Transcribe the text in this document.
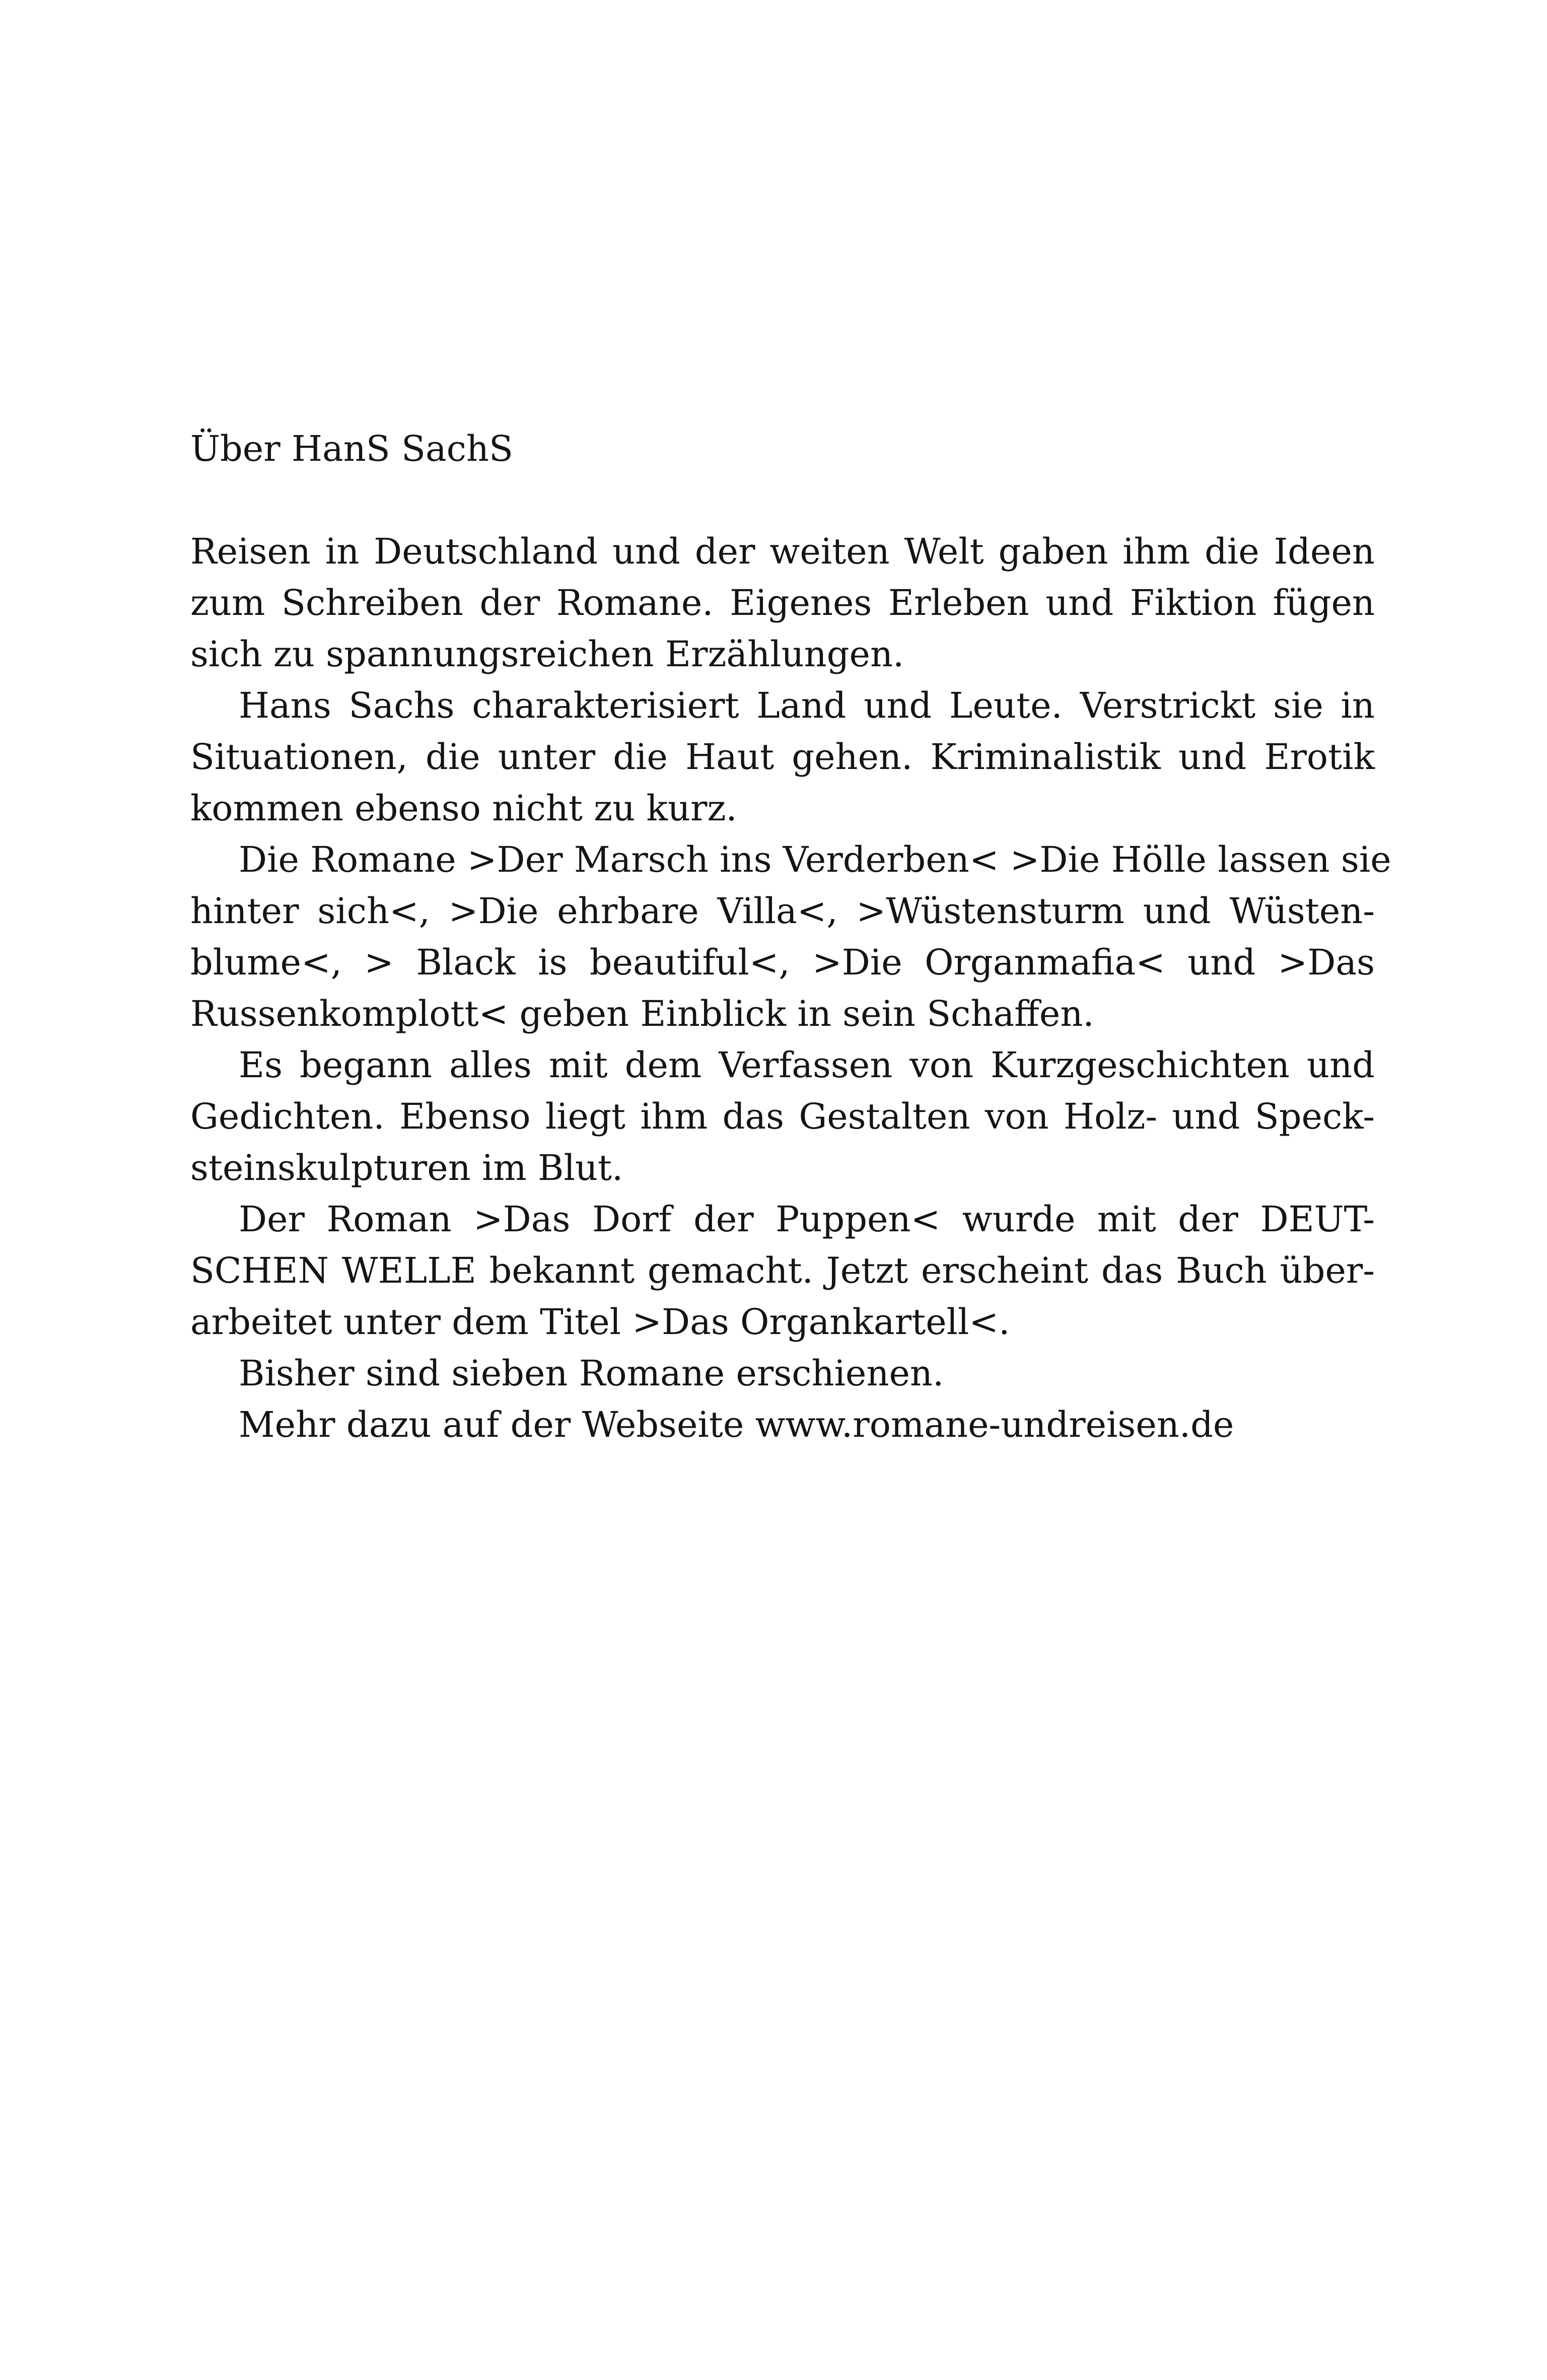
Über HanS SachS

Reisen in Deutschland und der weiten Welt gaben ihm die Ideen
zum Schreiben der Romane. Eigenes Erleben und Fiktion fügen
sich zu spannungsreichen Erzählungen.

Hans Sachs charakterisiert Land und Leute. Verstrickt sie in
Situationen, die unter die Haut gehen. Kriminalistik und Erotik
kommen ebenso nicht zu kurz.

Die Romane >Der Marsch ins Verderben< >Die Hölle lassen sie
hinter sich<, >Die ehrbare Villa<, >Wüstensturm und Wüsten-
blume<, > Black is beautiful<, >Die Organmafia< und >Das
Russenkomplott< geben Einblick in sein Schaffen.

Es begann alles mit dem Verfassen von Kurzgeschichten und
Gedichten. Ebenso liegt ihm das Gestalten von Holz- und Speck-
steinskulpturen im Blut.

Der Roman >Das Dorf der Puppen< wurde mit der DEUT-
SCHEN WELLE bekannt gemacht. Jetzt erscheint das Buch über-
arbeitet unter dem Titel >Das Organkartell<.

Bisher sind sieben Romane erschienen.

Mehr dazu auf der Webseite www.romane-undreisen.de
